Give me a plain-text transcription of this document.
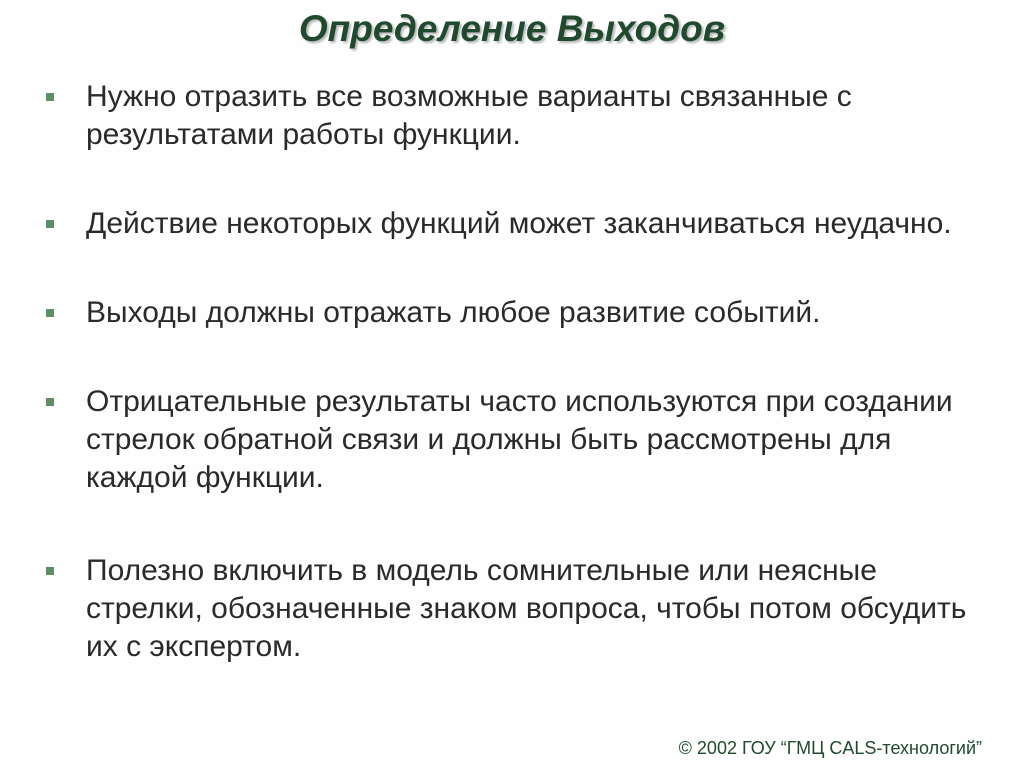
Определение Выходов
Нужно отразить все возможные варианты связанные с результатами работы функции.
Действие некоторых функций может заканчиваться неудачно.
Выходы должны отражать любое развитие событий.
Отрицательные результаты часто используются при создании стрелок обратной связи и должны быть рассмотрены для каждой функции.
Полезно включить в модель сомнительные или неясные стрелки, обозначенные знаком вопроса, чтобы потом обсудить их с экспертом.
© 2002 ГОУ “ГМЦ CALS-технологий”
